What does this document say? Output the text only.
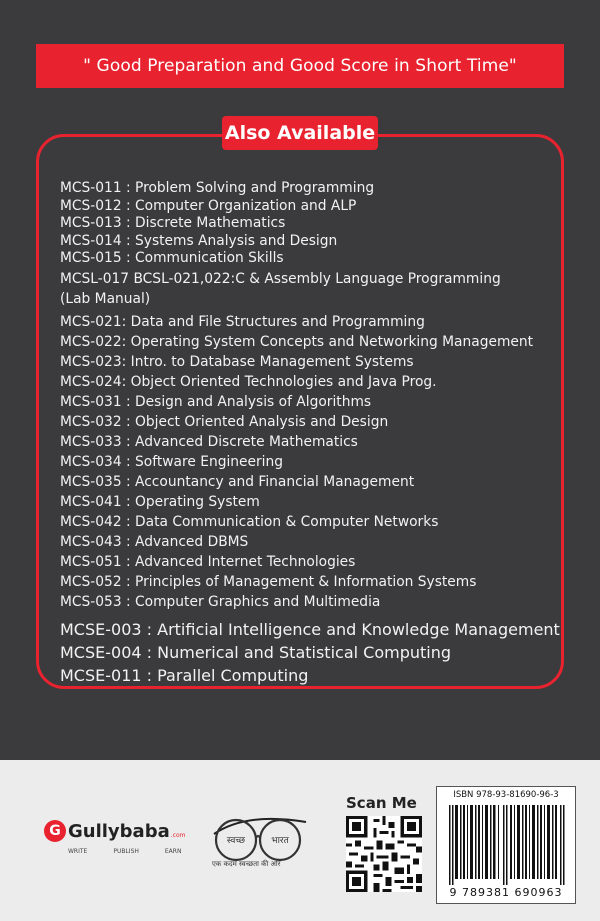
" Good Preparation and Good Score in Short Time"
Also Available
MCS-011 : Problem Solving and Programming
MCS-012 : Computer Organization and ALP
MCS-013 : Discrete Mathematics
MCS-014 : Systems Analysis and Design
MCS-015 : Communication Skills
MCSL-017 BCSL-021,022:C & Assembly Language Programming (Lab Manual)
MCS-021: Data and File Structures and Programming
MCS-022: Operating System Concepts and Networking Management
MCS-023: Intro. to Database Management Systems
MCS-024: Object Oriented Technologies and Java Prog.
MCS-031 : Design and Analysis of Algorithms
MCS-032 : Object Oriented Analysis and Design
MCS-033 : Advanced Discrete Mathematics
MCS-034 : Software Engineering
MCS-035 : Accountancy and Financial Management
MCS-041 : Operating System
MCS-042 : Data Communication & Computer Networks
MCS-043 : Advanced DBMS
MCS-051 : Advanced Internet Technologies
MCS-052 : Principles of Management & Information Systems
MCS-053 : Computer Graphics and Multimedia
MCSE-003 : Artificial Intelligence and Knowledge Management
MCSE-004 : Numerical and Statistical Computing
MCSE-011 : Parallel Computing
G Gullybaba .com
WRITE	PUBLISH	EARN
स्वच्छ	भारत
एक कदम स्वच्छता की ओर
Scan Me	ISBN 978-93-81690-96-3
9 789381 690963
